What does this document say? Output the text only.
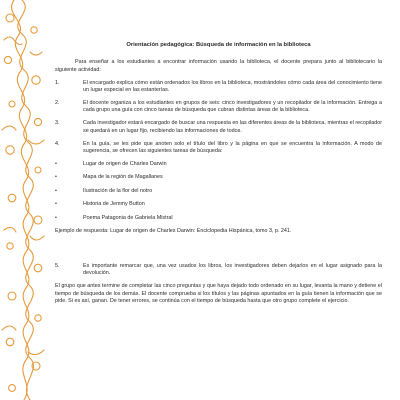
Orientación pedagógica: Búsqueda de información en la biblioteca

Para enseñar a los estudiantes a encontrar información usando la biblioteca, el docente prepara junto al bibliotecario la siguiente actividad:

1.	El encargado explica cómo están ordenados los libros en la biblioteca, mostrándoles cómo cada área del conocimiento tiene un lugar especial en las estanterías.
2.	El docente organiza a los estudiantes en grupos de seis: cinco investigadores y un recopilador de la información. Entrega a cada grupo una guía con cinco tareas de búsqueda que cubran distintas áreas de la biblioteca.
3.	Cada investigador estará encargado de buscar una respuesta en las diferentes áreas de la biblioteca, mientras el recopilador se quedará en un lugar fijo, recibiendo las informaciones de todos.
4.	En la guía, se les pide que anoten solo el título del libro y la página en que se encuentra la información. A modo de sugerencia, se ofrecen las siguientes tareas de búsqueda:
•	Lugar de origen de Charles Darwin
•	Mapa de la región de Magallanes
•	Ilustración de la flor del notro
•	Historia de Jemmy Button
•	Poema Patagonia de Gabriela Mistral

Ejemplo de respuesta: Lugar de origen de Charles Darwin: Enciclopedia Hispánica, tomo 3, p. 241.

5.	Es importante remarcar que, una vez usados los libros, los investigadores deben dejarlos en el lugar asignado para la devolución.

El grupo que antes termine de completar las cinco preguntas y que haya dejado todo ordenado en su lugar, levanta la mano y detiene el tiempo de búsqueda de los demás. El docente comprueba si los títulos y las páginas apuntados en la guía tienen la información que se pide. Si es así, ganan. De tener errores, se continúa con el tiempo de búsqueda hasta que otro grupo complete el ejercicio.
